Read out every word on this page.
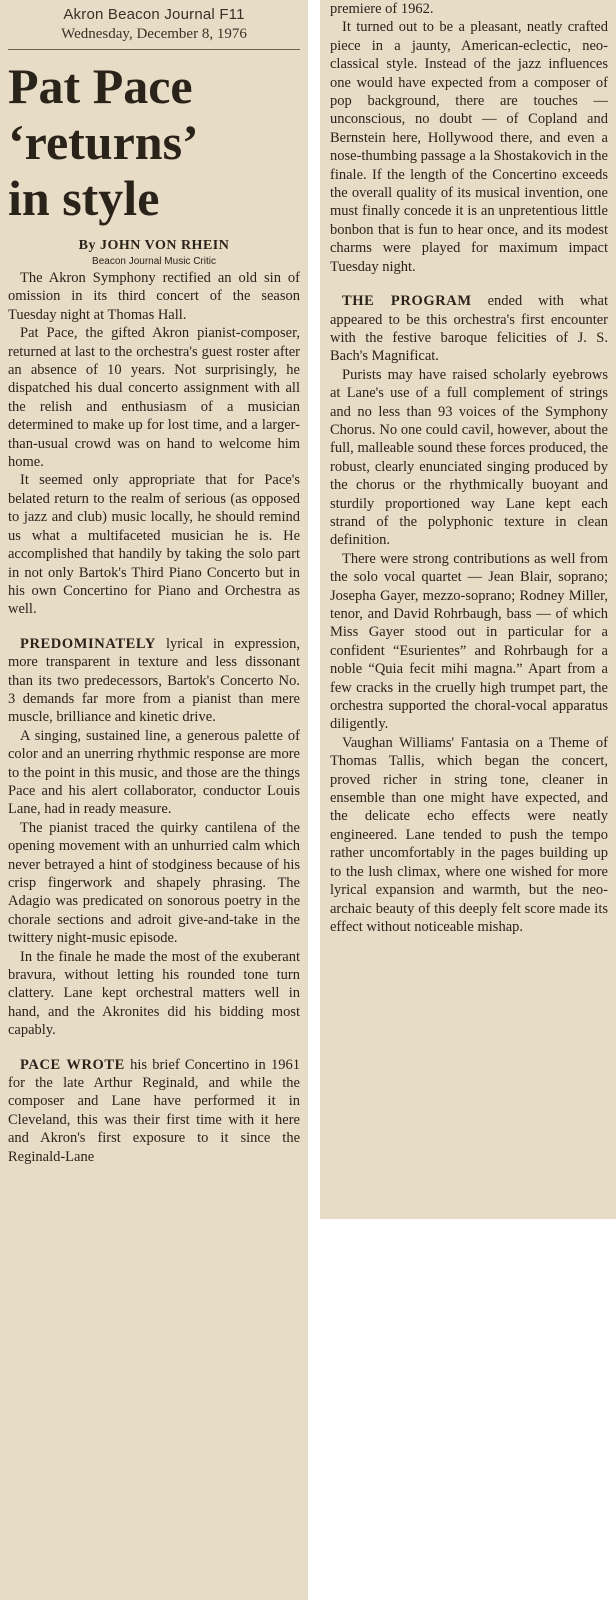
Akron Beacon Journal F11
Wednesday, December 8, 1976
Pat Pace
‘returns’
in style
By JOHN VON RHEIN
Beacon Journal Music Critic

The Akron Symphony rectified an old sin of omission in its third concert of the season Tuesday night at Thomas Hall.

Pat Pace, the gifted Akron pianist-composer, returned at last to the orchestra's guest roster after an absence of 10 years. Not surprisingly, he dispatched his dual concerto assignment with all the relish and enthusiasm of a musician determined to make up for lost time, and a larger-than-usual crowd was on hand to welcome him home.

It seemed only appropriate that for Pace's belated return to the realm of serious (as opposed to jazz and club) music locally, he should remind us what a multifaceted musician he is. He accomplished that handily by taking the solo part in not only Bartok's Third Piano Concerto but in his own Concertino for Piano and Orchestra as well.

PREDOMINATELY lyrical in expression, more transparent in texture and less dissonant than its two predecessors, Bartok's Concerto No. 3 demands far more from a pianist than mere muscle, brilliance and kinetic drive.

A singing, sustained line, a generous palette of color and an unerring rhythmic response are more to the point in this music, and those are the things Pace and his alert collaborator, conductor Louis Lane, had in ready measure.

The pianist traced the quirky cantilena of the opening movement with an unhurried calm which never betrayed a hint of stodginess because of his crisp fingerwork and shapely phrasing. The Adagio was predicated on sonorous poetry in the chorale sections and adroit give-and-take in the twittery night-music episode.

In the finale he made the most of the exuberant bravura, without letting his rounded tone turn clattery. Lane kept orchestral matters well in hand, and the Akronites did his bidding most capably.

PACE WROTE his brief Concertino in 1961 for the late Arthur Reginald, and while the composer and Lane have performed it in Cleveland, this was their first time with it here and Akron's first exposure to it since the Reginald-Lane

premiere of 1962.

It turned out to be a pleasant, neatly crafted piece in a jaunty, American-eclectic, neo-classical style. Instead of the jazz influences one would have expected from a composer of pop background, there are touches — unconscious, no doubt — of Copland and Bernstein here, Hollywood there, and even a nose-thumbing passage a la Shostakovich in the finale. If the length of the Concertino exceeds the overall quality of its musical invention, one must finally concede it is an unpretentious little bonbon that is fun to hear once, and its modest charms were played for maximum impact Tuesday night.

THE PROGRAM ended with what appeared to be this orchestra's first encounter with the festive baroque felicities of J. S. Bach's Magnificat.

Purists may have raised scholarly eyebrows at Lane's use of a full complement of strings and no less than 93 voices of the Symphony Chorus. No one could cavil, however, about the full, malleable sound these forces produced, the robust, clearly enunciated singing produced by the chorus or the rhythmically buoyant and sturdily proportioned way Lane kept each strand of the polyphonic texture in clean definition.

There were strong contributions as well from the solo vocal quartet — Jean Blair, soprano; Josepha Gayer, mezzo-soprano; Rodney Miller, tenor, and David Rohrbaugh, bass — of which Miss Gayer stood out in particular for a confident “Esurientes” and Rohrbaugh for a noble “Quia fecit mihi magna.” Apart from a few cracks in the cruelly high trumpet part, the orchestra supported the choral-vocal apparatus diligently.

Vaughan Williams' Fantasia on a Theme of Thomas Tallis, which began the concert, proved richer in string tone, cleaner in ensemble than one might have expected, and the delicate echo effects were neatly engineered. Lane tended to push the tempo rather uncomfortably in the pages building up to the lush climax, where one wished for more lyrical expansion and warmth, but the neo-archaic beauty of this deeply felt score made its effect without noticeable mishap.
